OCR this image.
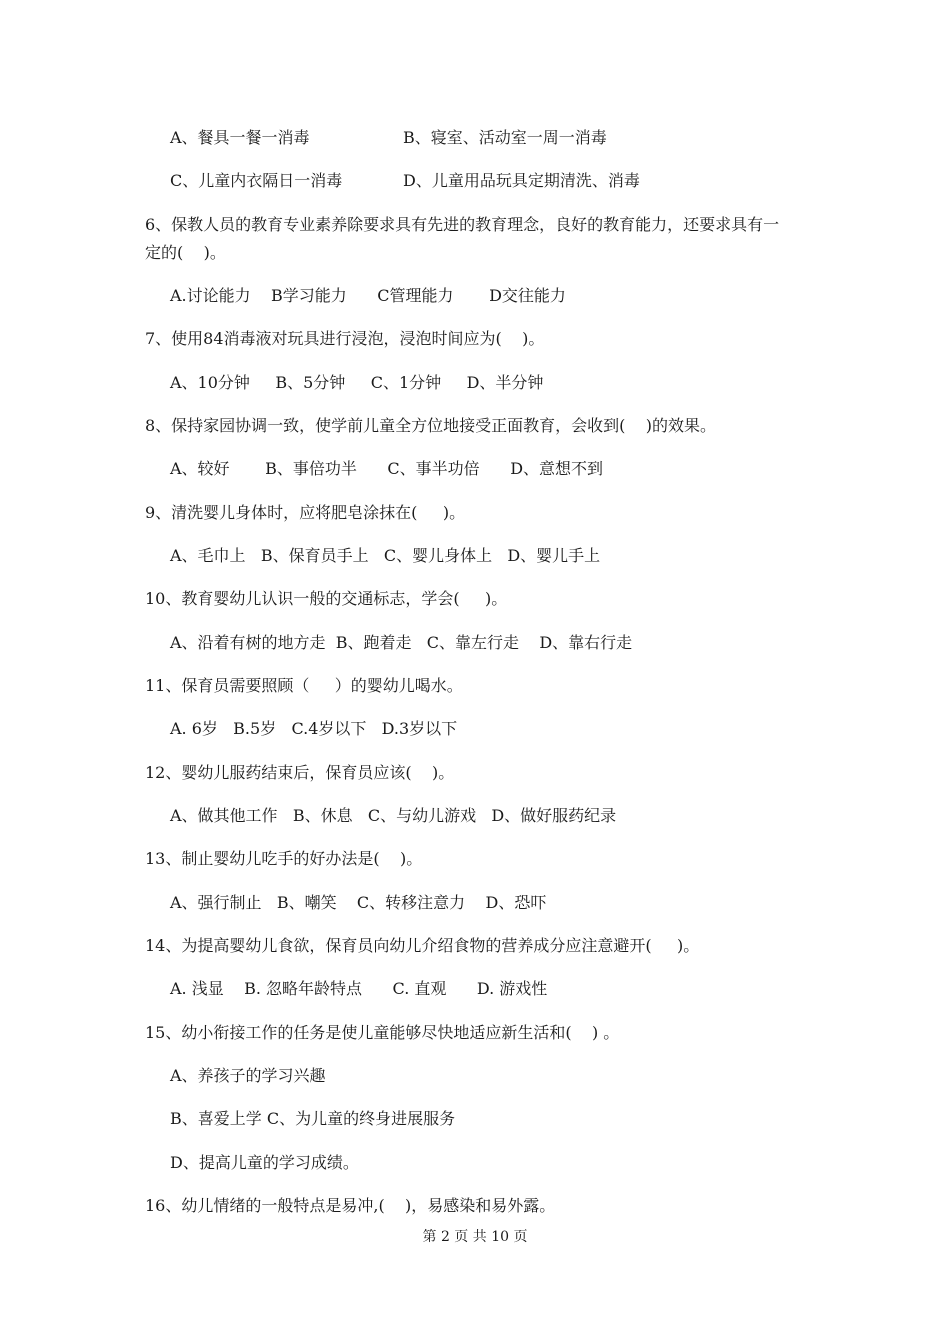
A、餐具一餐一消毒	B、寝室、活动室一周一消毒
C、儿童内衣隔日一消毒	D、儿童用品玩具定期清洗、消毒
6、保教人员的教育专业素养除要求具有先进的教育理念，良好的教育能力，还要求具有一
定的(    )。
A.讨论能力    B学习能力      C管理能力       D交往能力
7、使用84消毒液对玩具进行浸泡，浸泡时间应为(    )。
A、10分钟     B、5分钟     C、1分钟     D、半分钟
8、保持家园协调一致，使学前儿童全方位地接受正面教育，会收到(    )的效果。
A、较好       B、事倍功半      C、事半功倍      D、意想不到
9、清洗婴儿身体时，应将肥皂涂抹在(     )。
A、毛巾上   B、保育员手上   C、婴儿身体上   D、婴儿手上
10、教育婴幼儿认识一般的交通标志，学会(     )。
A、沿着有树的地方走  B、跑着走   C、靠左行走    D、靠右行走
11、保育员需要照顾（     ）的婴幼儿喝水。
A. 6岁   B.5岁   C.4岁以下   D.3岁以下
12、婴幼儿服药结束后，保育员应该(    )。
A、做其他工作   B、休息   C、与幼儿游戏   D、做好服药纪录
13、制止婴幼儿吃手的好办法是(    )。
A、强行制止   B、嘲笑    C、转移注意力    D、恐吓
14、为提高婴幼儿食欲，保育员向幼儿介绍食物的营养成分应注意避开(     )。
A. 浅显    B. 忽略年龄特点      C. 直观      D. 游戏性
15、幼小衔接工作的任务是使儿童能够尽快地适应新生活和(    ) 。
A、养孩子的学习兴趣
B、喜爱上学 C、为儿童的终身进展服务
D、提高儿童的学习成绩。
16、幼儿情绪的一般特点是易冲,(    )，易感染和易外露。
第 2 页 共 10 页
